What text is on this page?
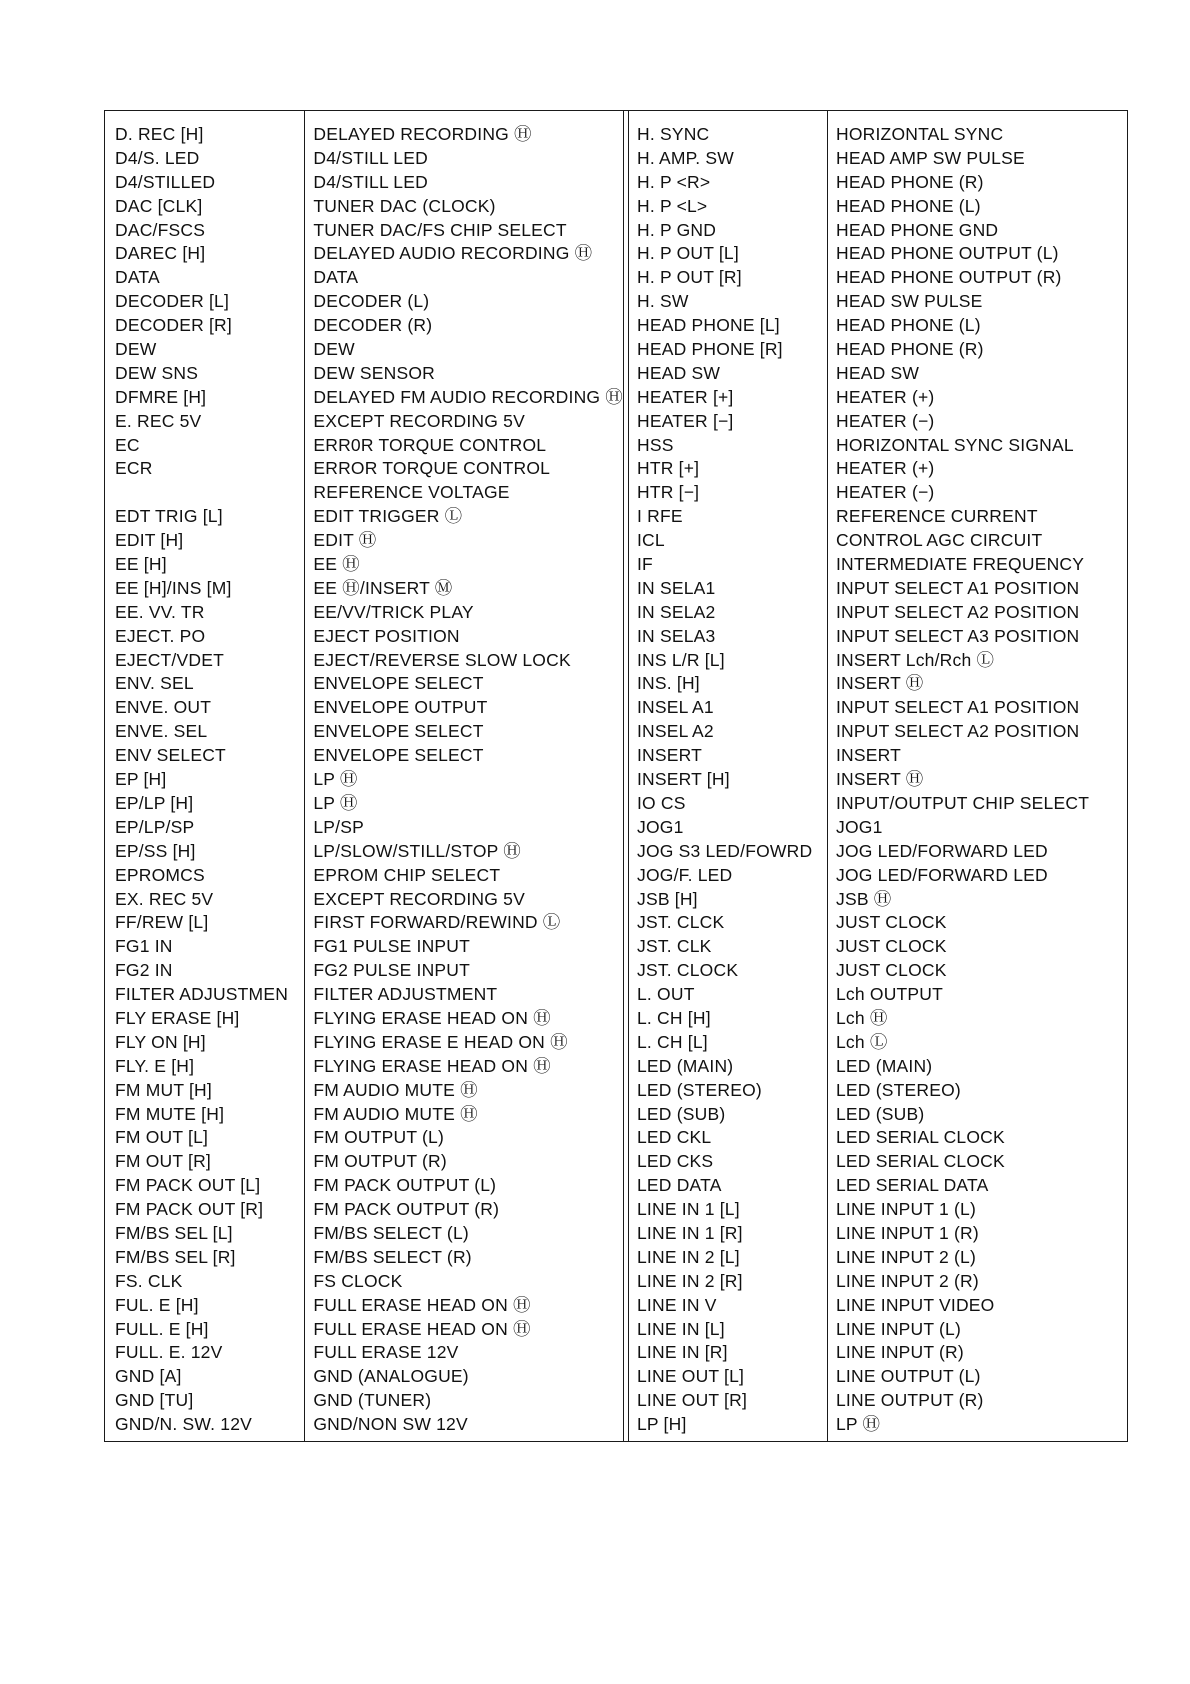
D. REC [H]
D4/S. LED
D4/STILLED
DAC [CLK]
DAC/FSCS
DAREC [H]
DATA
DECODER [L]
DECODER [R]
DEW
DEW SNS
DFMRE [H]
E. REC 5V
EC
ECR
EDT TRIG [L]
EDIT [H]
EE [H]
EE [H]/INS [M]
EE. VV. TR
EJECT. PO
EJECT/VDET
ENV. SEL
ENVE. OUT
ENVE. SEL
ENV SELECT
EP [H]
EP/LP [H]
EP/LP/SP
EP/SS [H]
EPROMCS
EX. REC 5V
FF/REW [L]
FG1 IN
FG2 IN
FILTER ADJUSTMEN
FLY ERASE [H]
FLY ON [H]
FLY. E [H]
FM MUT [H]
FM MUTE [H]
FM OUT [L]
FM OUT [R]
FM PACK OUT [L]
FM PACK OUT [R]
FM/BS SEL [L]
FM/BS SEL [R]
FS. CLK
FUL. E [H]
FULL. E [H]
FULL. E. 12V
GND [A]
GND [TU]
GND/N. SW. 12V
DELAYED RECORDING Ⓗ
D4/STILL LED
D4/STILL LED
TUNER DAC (CLOCK)
TUNER DAC/FS CHIP SELECT
DELAYED AUDIO RECORDING Ⓗ
DATA
DECODER (L)
DECODER (R)
DEW
DEW SENSOR
DELAYED FM AUDIO RECORDING Ⓗ
EXCEPT RECORDING 5V
ERR0R TORQUE CONTROL
ERROR TORQUE CONTROL
REFERENCE VOLTAGE
EDIT TRIGGER Ⓛ
EDIT Ⓗ
EE Ⓗ
EE Ⓗ/INSERT Ⓜ
EE/VV/TRICK PLAY
EJECT POSITION
EJECT/REVERSE SLOW LOCK
ENVELOPE SELECT
ENVELOPE OUTPUT
ENVELOPE SELECT
ENVELOPE SELECT
LP Ⓗ
LP Ⓗ
LP/SP
LP/SLOW/STILL/STOP Ⓗ
EPROM CHIP SELECT
EXCEPT RECORDING 5V
FIRST FORWARD/REWIND Ⓛ
FG1 PULSE INPUT
FG2 PULSE INPUT
FILTER ADJUSTMENT
FLYING ERASE HEAD ON Ⓗ
FLYING ERASE E HEAD ON Ⓗ
FLYING ERASE HEAD ON Ⓗ
FM AUDIO MUTE Ⓗ
FM AUDIO MUTE Ⓗ
FM OUTPUT (L)
FM OUTPUT (R)
FM PACK OUTPUT (L)
FM PACK OUTPUT (R)
FM/BS SELECT (L)
FM/BS SELECT (R)
FS CLOCK
FULL ERASE HEAD ON Ⓗ
FULL ERASE HEAD ON Ⓗ
FULL ERASE 12V
GND (ANALOGUE)
GND (TUNER)
GND/NON SW 12V
H. SYNC
H. AMP. SW
H. P <R>
H. P <L>
H. P GND
H. P OUT [L]
H. P OUT [R]
H. SW
HEAD PHONE [L]
HEAD PHONE [R]
HEAD SW
HEATER [+]
HEATER [−]
HSS
HTR [+]
HTR [−]
I RFE
ICL
IF
IN SELA1
IN SELA2
IN SELA3
INS L/R [L]
INS. [H]
INSEL A1
INSEL A2
INSERT
INSERT [H]
IO CS
JOG1
JOG S3 LED/FOWRD
JOG/F. LED
JSB [H]
JST. CLCK
JST. CLK
JST. CLOCK
L. OUT
L. CH [H]
L. CH [L]
LED (MAIN)
LED (STEREO)
LED (SUB)
LED CKL
LED CKS
LED DATA
LINE IN 1 [L]
LINE IN 1 [R]
LINE IN 2 [L]
LINE IN 2 [R]
LINE IN V
LINE IN [L]
LINE IN [R]
LINE OUT [L]
LINE OUT [R]
LP [H]
HORIZONTAL SYNC
HEAD AMP SW PULSE
HEAD PHONE (R)
HEAD PHONE (L)
HEAD PHONE GND
HEAD PHONE OUTPUT (L)
HEAD PHONE OUTPUT (R)
HEAD SW PULSE
HEAD PHONE (L)
HEAD PHONE (R)
HEAD SW
HEATER (+)
HEATER (−)
HORIZONTAL SYNC SIGNAL
HEATER (+)
HEATER (−)
REFERENCE CURRENT
CONTROL AGC CIRCUIT
INTERMEDIATE FREQUENCY
INPUT SELECT A1 POSITION
INPUT SELECT A2 POSITION
INPUT SELECT A3 POSITION
INSERT Lch/Rch Ⓛ
INSERT Ⓗ
INPUT SELECT A1 POSITION
INPUT SELECT A2 POSITION
INSERT
INSERT Ⓗ
INPUT/OUTPUT CHIP SELECT
JOG1
JOG LED/FORWARD LED
JOG LED/FORWARD LED
JSB Ⓗ
JUST CLOCK
JUST CLOCK
JUST CLOCK
Lch OUTPUT
Lch Ⓗ
Lch Ⓛ
LED (MAIN)
LED (STEREO)
LED (SUB)
LED SERIAL CLOCK
LED SERIAL CLOCK
LED SERIAL DATA
LINE INPUT 1 (L)
LINE INPUT 1 (R)
LINE INPUT 2 (L)
LINE INPUT 2 (R)
LINE INPUT VIDEO
LINE INPUT (L)
LINE INPUT (R)
LINE OUTPUT (L)
LINE OUTPUT (R)
LP Ⓗ
